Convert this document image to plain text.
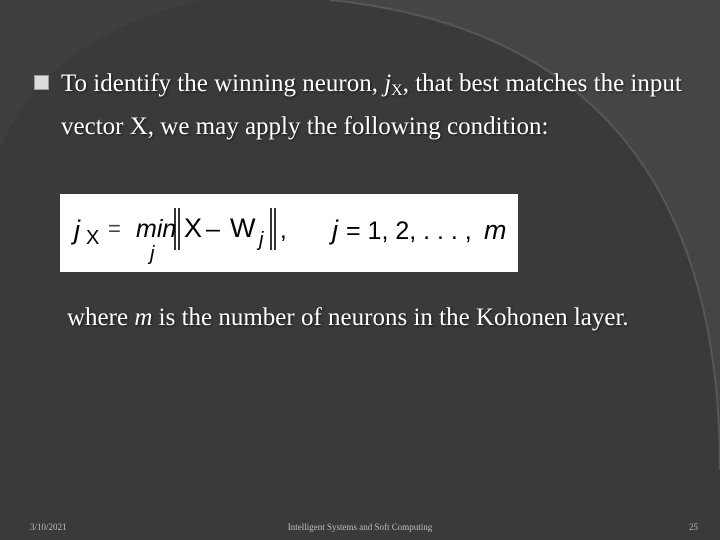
To identify the winning neuron, $j_X$, that best matches the input vector X, we may apply the following condition:
j X = min
j
X – W j , j = 1, 2, . . . , m
where m is the number of neurons in the Kohonen layer.
3/10/2021	Intelligent Systems and Soft Computing	25
